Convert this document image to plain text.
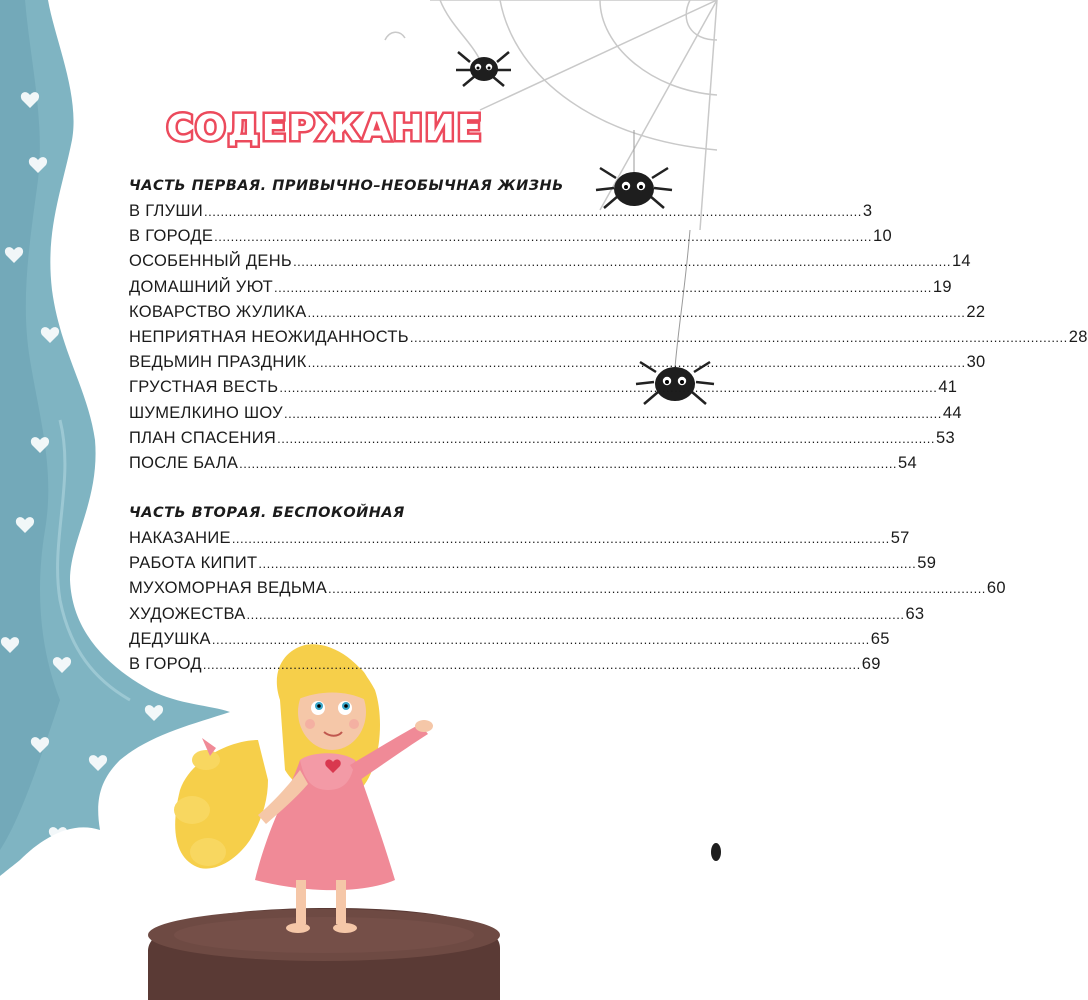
СОДЕРЖАНИЕ
ЧАСТЬ ПЕРВАЯ. ПРИВЫЧНО–НЕОБЫЧНАЯ ЖИЗНЬ
В ГЛУШИ ................................................................................................................................................................ 3
В ГОРОДЕ ................................................................................................................................................................ 10
ОСОБЕННЫЙ ДЕНЬ ................................................................................................................................................................ 14
ДОМАШНИЙ УЮТ ................................................................................................................................................................ 19
КОВАРСТВО ЖУЛИКА ................................................................................................................................................................ 22
НЕПРИЯТНАЯ НЕОЖИДАННОСТЬ ................................................................................................................................................................ 28
ВЕДЬМИН ПРАЗДНИК ................................................................................................................................................................ 30
ГРУСТНАЯ ВЕСТЬ ................................................................................................................................................................ 41
ШУМЕЛКИНО ШОУ ................................................................................................................................................................ 44
ПЛАН СПАСЕНИЯ ................................................................................................................................................................ 53
ПОСЛЕ БАЛА ................................................................................................................................................................ 54
ЧАСТЬ ВТОРАЯ. БЕСПОКОЙНАЯ
НАКАЗАНИЕ ................................................................................................................................................................ 57
РАБОТА КИПИТ ................................................................................................................................................................ 59
МУХОМОРНАЯ ВЕДЬМА ................................................................................................................................................................ 60
ХУДОЖЕСТВА ................................................................................................................................................................ 63
ДЕДУШКА ................................................................................................................................................................ 65
В ГОРОД ................................................................................................................................................................ 69
